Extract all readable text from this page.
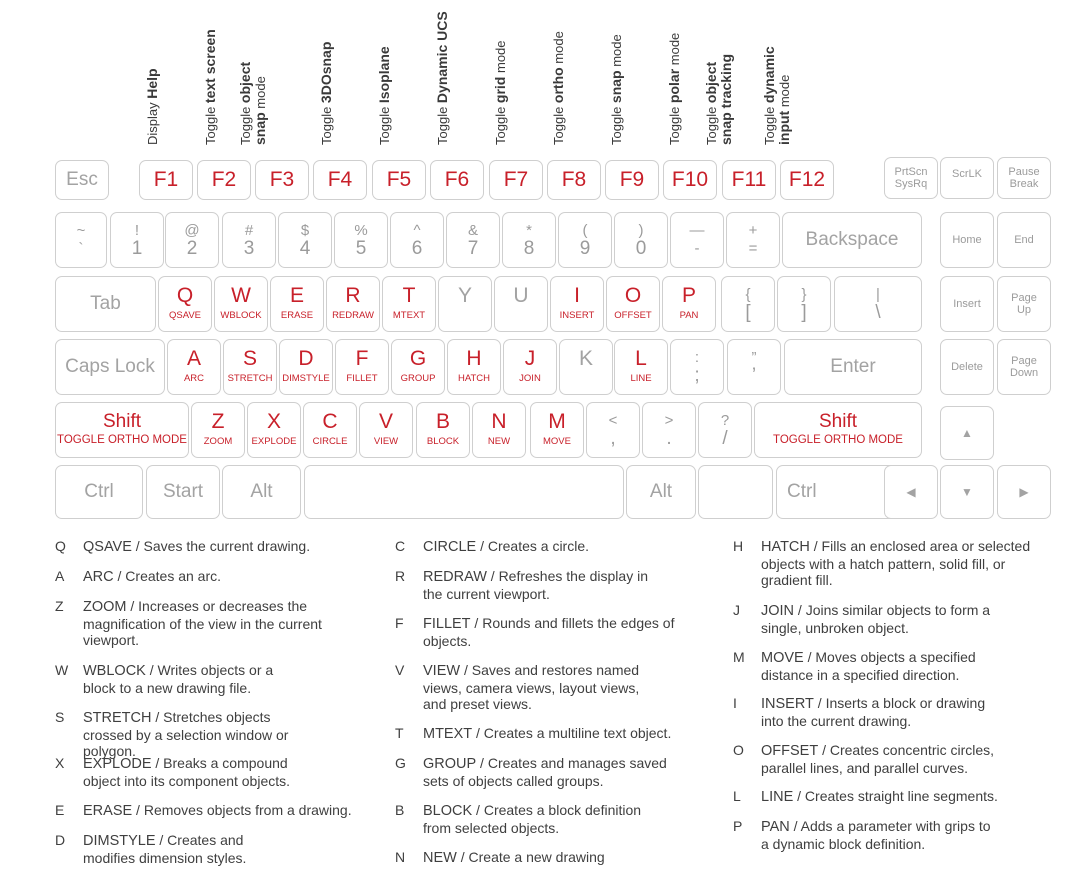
Display Help
Toggle text screen
Toggle object
snap mode
Toggle 3DOsnap
Toggle Isoplane
Toggle Dynamic UCS
Toggle grid mode
Toggle ortho mode
Toggle snap mode
Toggle polar mode
Toggle object
snap tracking Toggle dynamic
input mode
Esc	F1	F2	F3	F4	F5	F6	F7	F8	F9	F10	F11	F12	PrtScn
SysRq
ScrLK Pause
Break
~
`
!
1
@
2
#
3
$
4
%
5
^
6
&
7
*
8
(
9
)
0
—
-
+
=	Backspace	Home	End
Tab	Q
QSAVE
W
WBLOCK
E
ERASE
R
REDRAW
T
MTEXT
Y	U	I
INSERT
O
OFFSET
P
PAN
{
[
}
]
|
\	Insert	Page
Up
Caps Lock	A
ARC
S
STRETCH
D
DIMSTYLE
F
FILLET
G
GROUP
H
HATCH
J
JOIN
K	L
LINE
:
;
”
’	Enter	Delete	Page
Down
Shift
TOGGLE ORTHO MODE
Z
ZOOM
X
EXPLODE
C
CIRCLE
V
VIEW
B
BLOCK
N
NEW
M
MOVE
<
,
>
.
?
/
Shift
TOGGLE ORTHO MODE	▲
Ctrl	Start	Alt	Alt	Ctrl	◀	▼	▶
Q QSAVE / Saves the current drawing.
A ARC / Creates an arc.
Z ZOOM / Increases or decreases the magnification of the view in the current viewport.
W WBLOCK / Writes objects or a block to a new drawing file.
S STRETCH / Stretches objects crossed by a selection window or polygon.
X EXPLODE / Breaks a compound object into its component objects.
E ERASE / Removes objects from a drawing.
D DIMSTYLE / Creates and modifies dimension styles.
C CIRCLE / Creates a circle.
R REDRAW / Refreshes the display in the current viewport.
F FILLET / Rounds and fillets the edges of objects.
V VIEW / Saves and restores named views, camera views, layout views, and preset views.
T MTEXT / Creates a multiline text object.
G GROUP / Creates and manages saved sets of objects called groups.
B BLOCK / Creates a block definition from selected objects.
N NEW / Create a new drawing
H HATCH / Fills an enclosed area or selected objects with a hatch pattern, solid fill, or gradient fill.
J JOIN / Joins similar objects to form a single, unbroken object.
M MOVE / Moves objects a specified distance in a specified direction.
I INSERT / Inserts a block or drawing into the current drawing.
O OFFSET / Creates concentric circles, parallel lines, and parallel curves.
L LINE / Creates straight line segments.
P PAN / Adds a parameter with grips to a dynamic block definition.
